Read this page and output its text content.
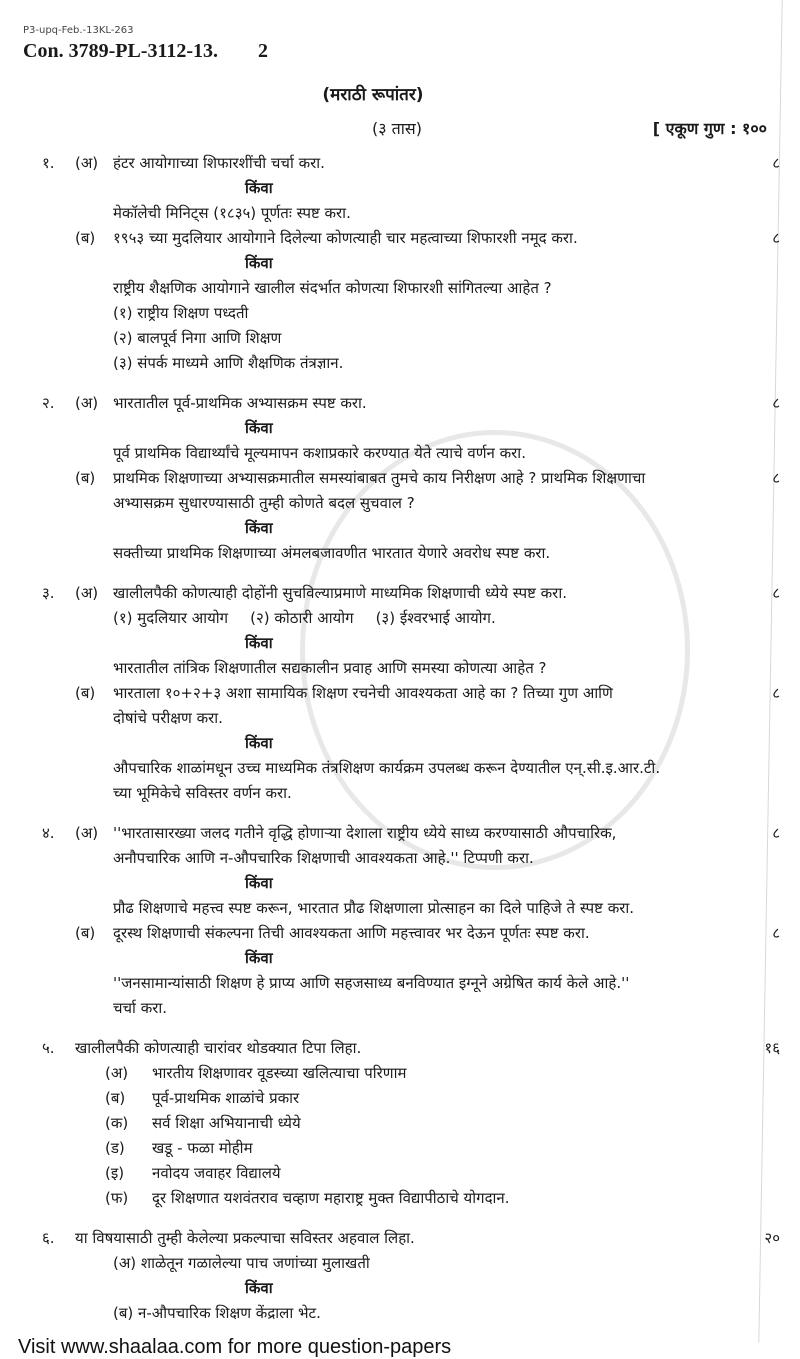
P3-upq-Feb.-13KL-263
Con. 3789-PL-3112-13. 2
(मराठी रूपांतर)
(३ तास)	[ एकूण गुण : १००
१.	(अ) हंटर आयोगाच्या शिफारशींची चर्चा करा.	८
किंवा
मेकॉलेची मिनिट्स (१८३५) पूर्णतः स्पष्ट करा.
(ब)	१९५३ च्या मुदलियार आयोगाने दिलेल्या कोणत्याही चार महत्वाच्या शिफारशी नमूद करा.	८
किंवा
राष्ट्रीय शैक्षणिक आयोगाने खालील संदर्भात कोणत्या शिफारशी सांगितल्या आहेत ?
(१) राष्ट्रीय शिक्षण पध्दती
(२) बालपूर्व निगा आणि शिक्षण
(३) संपर्क माध्यमे आणि शैक्षणिक तंत्रज्ञान.
२.	(अ) भारतातील पूर्व-प्राथमिक अभ्यासक्रम स्पष्ट करा.	८
किंवा
पूर्व प्राथमिक विद्यार्थ्यांचे मूल्यमापन कशाप्रकारे करण्यात येते त्याचे वर्णन करा.
(ब)	प्राथमिक शिक्षणाच्या अभ्यासक्रमातील समस्यांबाबत तुमचे काय निरीक्षण आहे ? प्राथमिक शिक्षणाचा	८
अभ्यासक्रम सुधारण्यासाठी तुम्ही कोणते बदल सुचवाल ?
किंवा
सक्तीच्या प्राथमिक शिक्षणाच्या अंमलबजावणीत भारतात येणारे अवरोध स्पष्ट करा.
३.	(अ) खालीलपैकी कोणत्याही दोहोंनी सुचविल्याप्रमाणे माध्यमिक शिक्षणाची ध्येये स्पष्ट करा.	८
(१) मुदलियार आयोग (२) कोठारी आयोग (३) ईश्वरभाई आयोग.
किंवा
भारतातील तांत्रिक शिक्षणातील सद्यकालीन प्रवाह आणि समस्या कोणत्या आहेत ?
(ब)	भारताला १०+२+३ अशा सामायिक शिक्षण रचनेची आवश्यकता आहे का ? तिच्या गुण आणि	८
दोषांचे परीक्षण करा.
किंवा
औपचारिक शाळांमधून उच्च माध्यमिक तंत्रशिक्षण कार्यक्रम उपलब्ध करून देण्यातील एन्.सी.इ.आर.टी.
च्या भूमिकेचे सविस्तर वर्णन करा.
४.	(अ) ''भारतासारख्या जलद गतीने वृद्धि होणाऱ्या देशाला राष्ट्रीय ध्येये साध्य करण्यासाठी औपचारिक,	८
अनौपचारिक आणि न-औपचारिक शिक्षणाची आवश्यकता आहे.'' टिप्पणी करा.
किंवा
प्रौढ शिक्षणाचे महत्त्व स्पष्ट करून, भारतात प्रौढ शिक्षणाला प्रोत्साहन का दिले पाहिजे ते स्पष्ट करा.
(ब)	दूरस्थ शिक्षणाची संकल्पना तिची आवश्यकता आणि महत्त्वावर भर देऊन पूर्णतः स्पष्ट करा.	८
किंवा
''जनसामान्यांसाठी शिक्षण हे प्राप्य आणि सहजसाध्य बनविण्यात इग्नूने अग्रेषित कार्य केले आहे.''
चर्चा करा.
५.	खालीलपैकी कोणत्याही चारांवर थोडक्यात टिपा लिहा.	१६
(अ)	भारतीय शिक्षणावर वूडस्च्या खलित्याचा परिणाम
(ब)	पूर्व-प्राथमिक शाळांचे प्रकार
(क)	सर्व शिक्षा अभियानाची ध्येये
(ड)	खडू - फळा मोहीम
(इ)	नवोदय जवाहर विद्यालये
(फ)	दूर शिक्षणात यशवंतराव चव्हाण महाराष्ट्र मुक्त विद्यापीठाचे योगदान.
६.	या विषयासाठी तुम्ही केलेल्या प्रकल्पाचा सविस्तर अहवाल लिहा.	२०
(अ) शाळेतून गळालेल्या पाच जणांच्या मुलाखती
किंवा
(ब) न-औपचारिक शिक्षण केंद्राला भेट.
Visit www.shaalaa.com for more question-papers
